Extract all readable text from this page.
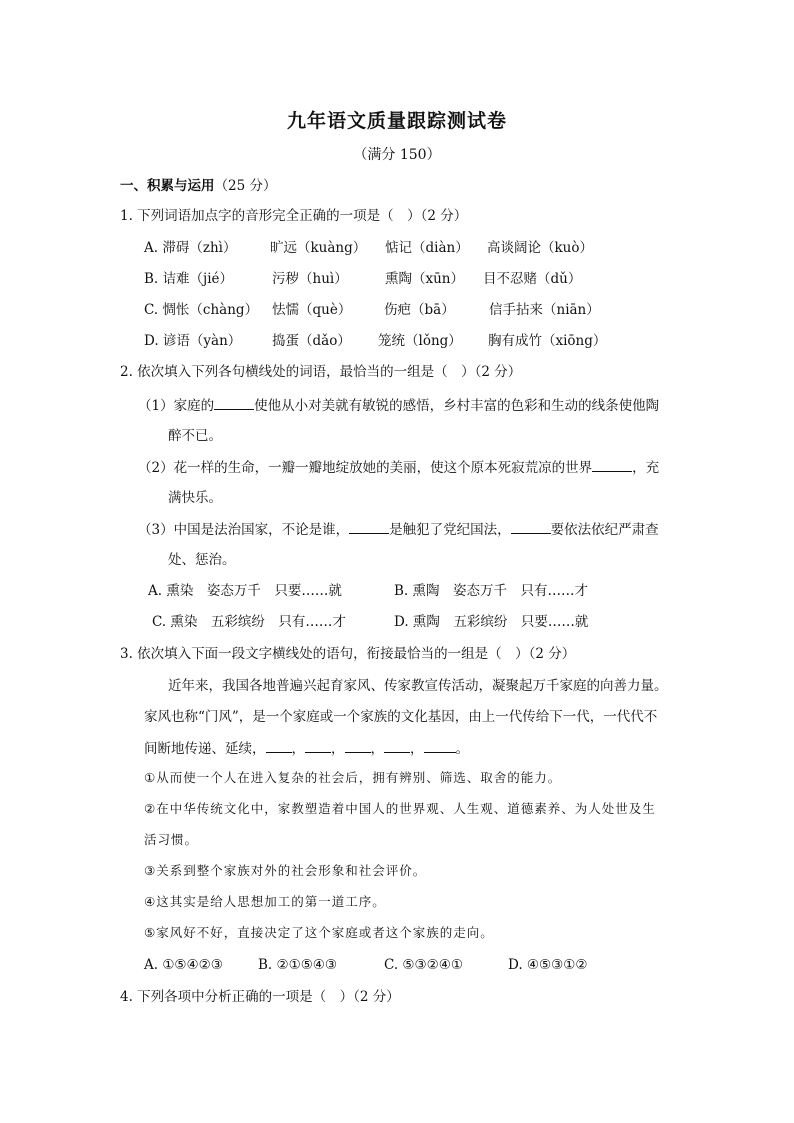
九年语文质量跟踪测试卷
（满分 150）
一、积累与运用（25 分）
1. 下列词语加点字的音形完全正确的一项是（　）（2 分）
A. 滞碍（zhì） 旷远（kuàng） 惦记（diàn） 高谈阔论（kuò）
B. 诘难（jié）	污秽（huì）	熏陶（xūn） 目不忍赌（dǔ）
C. 惆怅（chàng） 怯懦（què） 伤疤（bā）	信手拈来（niān）
D. 谚语（yàn） 捣蛋（dǎo） 笼统（lǒng） 胸有成竹（xiōng）
2. 依次填入下列各句横线处的词语，最恰当的一组是（　）（2 分）
（1）家庭的	使他从小对美就有敏锐的感悟，乡村丰富的色彩和生动的线条使他陶
醉不已。
（2）花一样的生命，一瓣一瓣地绽放她的美丽，使这个原本死寂荒凉的世界	，充
满快乐。
（3）中国是法治国家，不论是谁，	是触犯了党纪国法，	要依法依纪严肃查
处、惩治。
A. 熏染　姿态万千　只要……就	B. 熏陶　姿态万千　只有……才
C. 熏染　五彩缤纷　只有……才	D. 熏陶　五彩缤纷　只要……就
3. 依次填入下面一段文字横线处的语句，衔接最恰当的一组是（　）（2 分）
近年来，我国各地普遍兴起育家风、传家教宣传活动，凝聚起万千家庭的向善力量。
家风也称“门风”，是一个家庭或一个家族的文化基因，由上一代传给下一代，一代代不
间断地传递、延续， ， ， ， ， 。
①从而使一个人在进入复杂的社会后，拥有辨别、筛选、取舍的能力。
②在中华传统文化中，家教塑造着中国人的世界观、人生观、道德素养、为人处世及生
活习惯。
③关系到整个家族对外的社会形象和社会评价。
④这其实是给人思想加工的第一道工序。
⑤家风好不好，直接决定了这个家庭或者这个家族的走向。
A. ①⑤④②③	B. ②①⑤④③	C. ⑤③②④①	D. ④⑤③①②
4. 下列各项中分析正确的一项是（　）（2 分）
